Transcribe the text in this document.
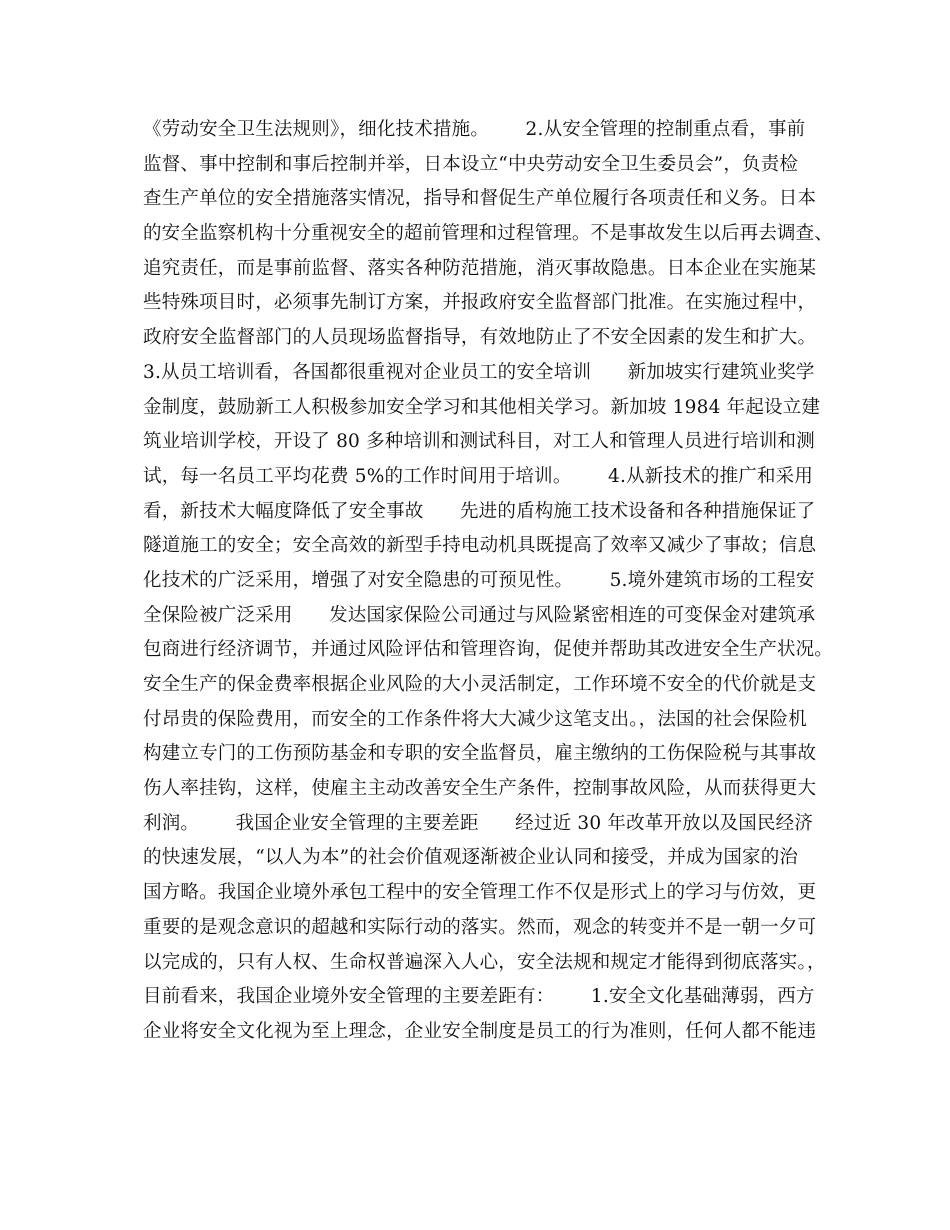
《劳动安全卫生法规则》，细化技术措施。      2.从安全管理的控制重点看，事前
监督、事中控制和事后控制并举，日本设立“中央劳动安全卫生委员会”，负责检
查生产单位的安全措施落实情况，指导和督促生产单位履行各项责任和义务。日本
的安全监察机构十分重视安全的超前管理和过程管理。不是事故发生以后再去调查、
追究责任，而是事前监督、落实各种防范措施，消灭事故隐患。日本企业在实施某
些特殊项目时，必须事先制订方案，并报政府安全监督部门批准。在实施过程中，
政府安全监督部门的人员现场监督指导，有效地防止了不安全因素的发生和扩大。
3.从员工培训看，各国都很重视对企业员工的安全培训      新加坡实行建筑业奖学
金制度，鼓励新工人积极参加安全学习和其他相关学习。新加坡 1984 年起设立建
筑业培训学校，开设了 80 多种培训和测试科目，对工人和管理人员进行培训和测
试，每一名员工平均花费 5%的工作时间用于培训。      4.从新技术的推广和采用
看，新技术大幅度降低了安全事故      先进的盾构施工技术设备和各种措施保证了
隧道施工的安全；安全高效的新型手持电动机具既提高了效率又减少了事故；信息
化技术的广泛采用，增强了对安全隐患的可预见性。      5.境外建筑市场的工程安
全保险被广泛采用      发达国家保险公司通过与风险紧密相连的可变保金对建筑承
包商进行经济调节，并通过风险评估和管理咨询，促使并帮助其改进安全生产状况。
安全生产的保金费率根据企业风险的大小灵活制定，工作环境不安全的代价就是支
付昂贵的保险费用，而安全的工作条件将大大减少这笔支出。，法国的社会保险机
构建立专门的工伤预防基金和专职的安全监督员，雇主缴纳的工伤保险税与其事故
伤人率挂钩，这样，使雇主主动改善安全生产条件，控制事故风险，从而获得更大
利润。      我国企业安全管理的主要差距      经过近 30 年改革开放以及国民经济
的快速发展，“以人为本”的社会价值观逐渐被企业认同和接受，并成为国家的治
国方略。我国企业境外承包工程中的安全管理工作不仅是形式上的学习与仿效，更
重要的是观念意识的超越和实际行动的落实。然而，观念的转变并不是一朝一夕可
以完成的，只有人权、生命权普遍深入人心，安全法规和规定才能得到彻底落实。，
目前看来，我国企业境外安全管理的主要差距有：      1.安全文化基础薄弱，西方
企业将安全文化视为至上理念，企业安全制度是员工的行为准则，任何人都不能违
